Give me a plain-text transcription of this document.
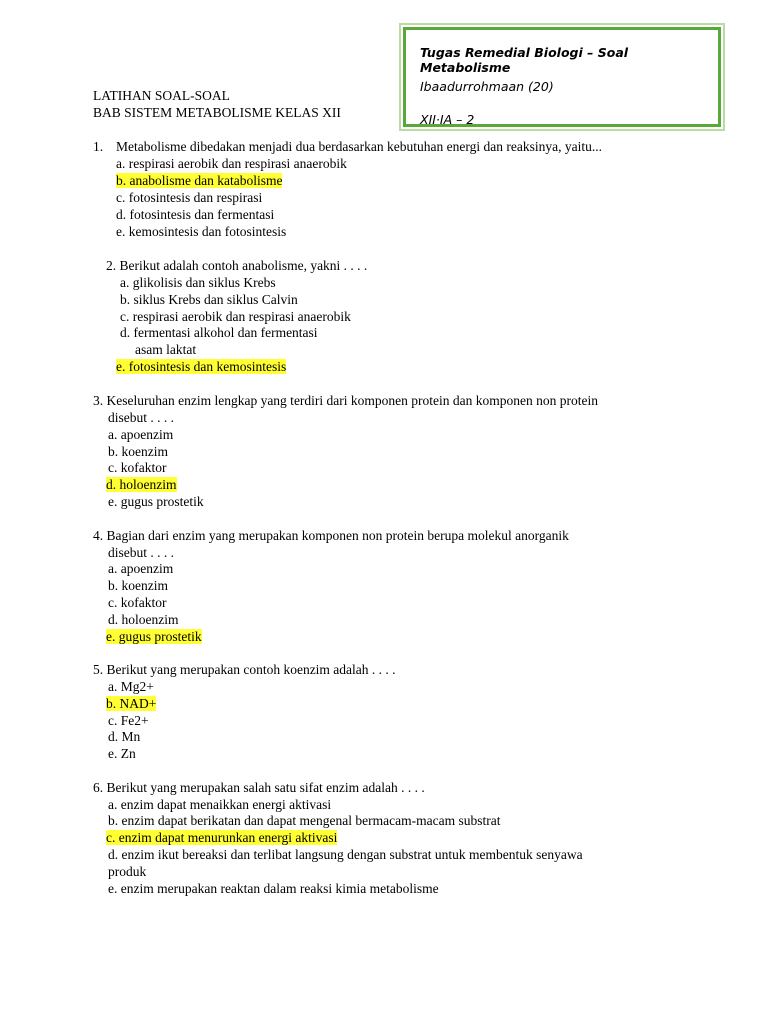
Tugas Remedial Biologi – Soal Metabolisme
Ibaadurrohmaan (20)
XII·IA – 2
LATIHAN SOAL-SOAL
BAB SISTEM METABOLISME KELAS XII
1. Metabolisme dibedakan menjadi dua berdasarkan kebutuhan energi dan reaksinya, yaitu...
a. respirasi aerobik dan respirasi anaerobik
b. anabolisme dan katabolisme
c. fotosintesis dan respirasi
d. fotosintesis dan fermentasi
e. kemosintesis dan fotosintesis
2. Berikut adalah contoh anabolisme, yakni . . . .
a. glikolisis dan siklus Krebs
b. siklus Krebs dan siklus Calvin
c. respirasi aerobik dan respirasi anaerobik
d. fermentasi alkohol dan fermentasi
asam laktat
e. fotosintesis dan kemosintesis
3. Keseluruhan enzim lengkap yang terdiri dari komponen protein dan komponen non protein
disebut . . . .
a. apoenzim
b. koenzim
c. kofaktor
d. holoenzim
e. gugus prostetik
4. Bagian dari enzim yang merupakan komponen non protein berupa molekul anorganik
disebut . . . .
a. apoenzim
b. koenzim
c. kofaktor
d. holoenzim
e. gugus prostetik
5. Berikut yang merupakan contoh koenzim adalah . . . .
a. Mg2+
b. NAD+
c. Fe2+
d. Mn
e. Zn
6. Berikut yang merupakan salah satu sifat enzim adalah . . . .
a. enzim dapat menaikkan energi aktivasi
b. enzim dapat berikatan dan dapat mengenal bermacam-macam substrat
c. enzim dapat menurunkan energi aktivasi
d. enzim ikut bereaksi dan terlibat langsung dengan substrat untuk membentuk senyawa
produk
e. enzim merupakan reaktan dalam reaksi kimia metabolisme
